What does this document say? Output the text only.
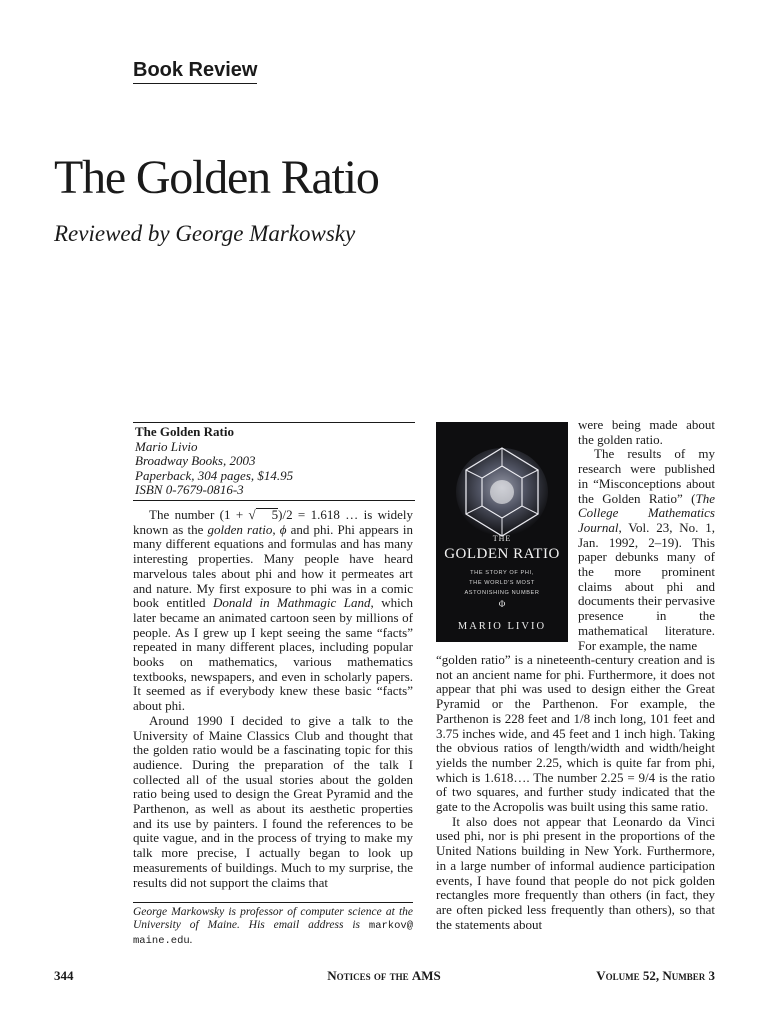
Book Review
The Golden Ratio
Reviewed by George Markowsky
The Golden Ratio
Mario Livio
Broadway Books, 2003
Paperback, 304 pages, $14.95
ISBN 0-7679-0816-3

The number (1 + √ 5)/2 = 1.618 … is widely known as the golden ratio, ϕ and phi. Phi appears in many different equations and formulas and has many interesting properties. Many people have heard marvelous tales about phi and how it permeates art and nature. My first exposure to phi was in a comic book entitled Donald in Mathmagic Land, which later became an animated cartoon seen by millions of people. As I grew up I kept seeing the same “facts” repeated in many different places, including popular books on mathematics, various mathematics textbooks, newspapers, and even in scholarly papers. It seemed as if everybody knew these basic “facts” about phi.

Around 1990 I decided to give a talk to the University of Maine Classics Club and thought that the golden ratio would be a fascinating topic for this audience. During the preparation of the talk I collected all of the usual stories about the golden ratio being used to design the Great Pyramid and the Parthenon, as well as about its aesthetic properties and its use by painters. I found the references to be quite vague, and in the process of trying to make my talk more precise, I actually began to look up measurements of buildings. Much to my surprise, the results did not support the claims that

George Markowsky is professor of computer science at the University of Maine. His email address is markov@ maine.edu.
THE
GOLDEN RATIO
THE STORY OF PHI,
THE WORLD'S MOST
ASTONISHING NUMBER
Φ
MARIO LIVIO

were being made about the golden ratio.

The results of my research were published in “Misconceptions about the Golden Ratio” (The College Mathematics Journal, Vol. 23, No. 1, Jan. 1992, 2–19). This paper debunks many of the more prominent claims about phi and documents their pervasive presence in the mathematical literature. For example, the name

“golden ratio” is a nineteenth-century creation and is not an ancient name for phi. Furthermore, it does not appear that phi was used to design either the Great Pyramid or the Parthenon. For example, the Parthenon is 228 feet and 1/8 inch long, 101 feet and 3.75 inches wide, and 45 feet and 1 inch high. Taking the obvious ratios of length/width and width/height yields the number 2.25, which is quite far from phi, which is 1.618…. The number 2.25 = 9/4 is the ratio of two squares, and further study indicated that the gate to the Acropolis was built using this same ratio.

It also does not appear that Leonardo da Vinci used phi, nor is phi present in the proportions of the United Nations building in New York. Furthermore, in a large number of informal audience participation events, I have found that people do not pick golden rectangles more frequently than others (in fact, they are often picked less frequently than others), so that the statements about

344	Notices of the AMS	Volume 52, Number 3
